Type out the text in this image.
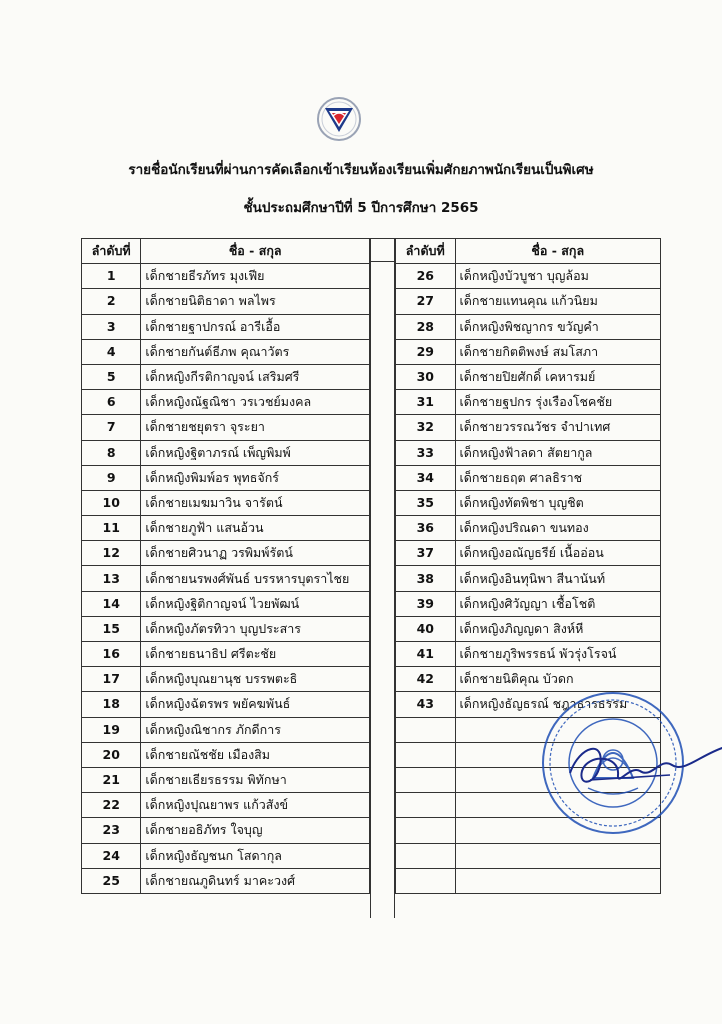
รายชื่อนักเรียนที่ผ่านการคัดเลือกเข้าเรียนห้องเรียนเพิ่มศักยภาพนักเรียนเป็นพิเศษ
ชั้นประถมศึกษาปีที่ 5 ปีการศึกษา 2565
ลำดับที่	ชื่อ - สกุล
1	เด็กชายธีรภัทร มุงเฟีย
2	เด็กชายนิติธาดา พลไพร
3	เด็กชายฐาปกรณ์ อารีเอื้อ
4	เด็กชายกันต์ธีภพ คุณาวัตร
5	เด็กหญิงกีรติกาญจน์ เสริมศรี
6	เด็กหญิงณัฐณิชา วรเวชย์มงคล
7	เด็กชายชยุตรา จุระยา
8	เด็กหญิงฐิตาภรณ์ เพ็ญพิมพ์
9	เด็กหญิงพิมพ์อร พุทธจักร์
10	เด็กชายเมฆมาวิน จารัตน์
11	เด็กชายภูฟ้า แสนอ้วน
12	เด็กชายศิวนาฏ วรพิมพ์รัตน์
13	เด็กชายนรพงศ์พันธ์ บรรหารบุตราไชย
14	เด็กหญิงฐิติกาญจน์ ไวยพัฒน์
15	เด็กหญิงภัตรทิวา บุญประสาร
16	เด็กชายธนาธิป ศรีตะชัย
17	เด็กหญิงบุณยานุช บรรพตะธิ
18	เด็กหญิงฉัตรพร พยัคฆพันธ์
19	เด็กหญิงณิชากร ภักดีการ
20	เด็กชายณัชชัย เมืองสิม
21	เด็กชายเธียรธรรม พิทักษา
22	เด็กหญิงปุณยาพร แก้วสังข์
23	เด็กชายอธิภัทร ใจบุญ
24	เด็กหญิงธัญชนก โสดากุล
25	เด็กชายณภูดินทร์ มาคะวงศ์
ลำดับที่	ชื่อ - สกุล
26	เด็กหญิงบัวบูชา บุญล้อม
27	เด็กชายแทนคุณ แก้วนิยม
28	เด็กหญิงพิชญากร ขวัญคำ
29	เด็กชายกิตติพงษ์ สมโสภา
30	เด็กชายปิยศักดิ์ เคหารมย์
31	เด็กชายฐปกร รุ่งเรืองโชคชัย
32	เด็กชายวรรณวัชร จำปาเทศ
33	เด็กหญิงฟ้าลดา สัตยากูล
34	เด็กชายธฤต ศาลธิราช
35	เด็กหญิงทัตพิชา บุญชิต
36	เด็กหญิงปริณดา ขนทอง
37	เด็กหญิงอณัญธรีย์ เนื้ออ่อน
38	เด็กหญิงอินทุนิพา สีนานันท์
39	เด็กหญิงศิวัญญา เชื้อโชติ
40	เด็กหญิงภิญญดา สิงห์หี
41	เด็กชายภูริพรรธน์ พัวรุ่งโรจน์
42	เด็กชายนิติคุณ บัวดก
43	เด็กหญิงธัญธรณ์ ชฎาธารธรรม
